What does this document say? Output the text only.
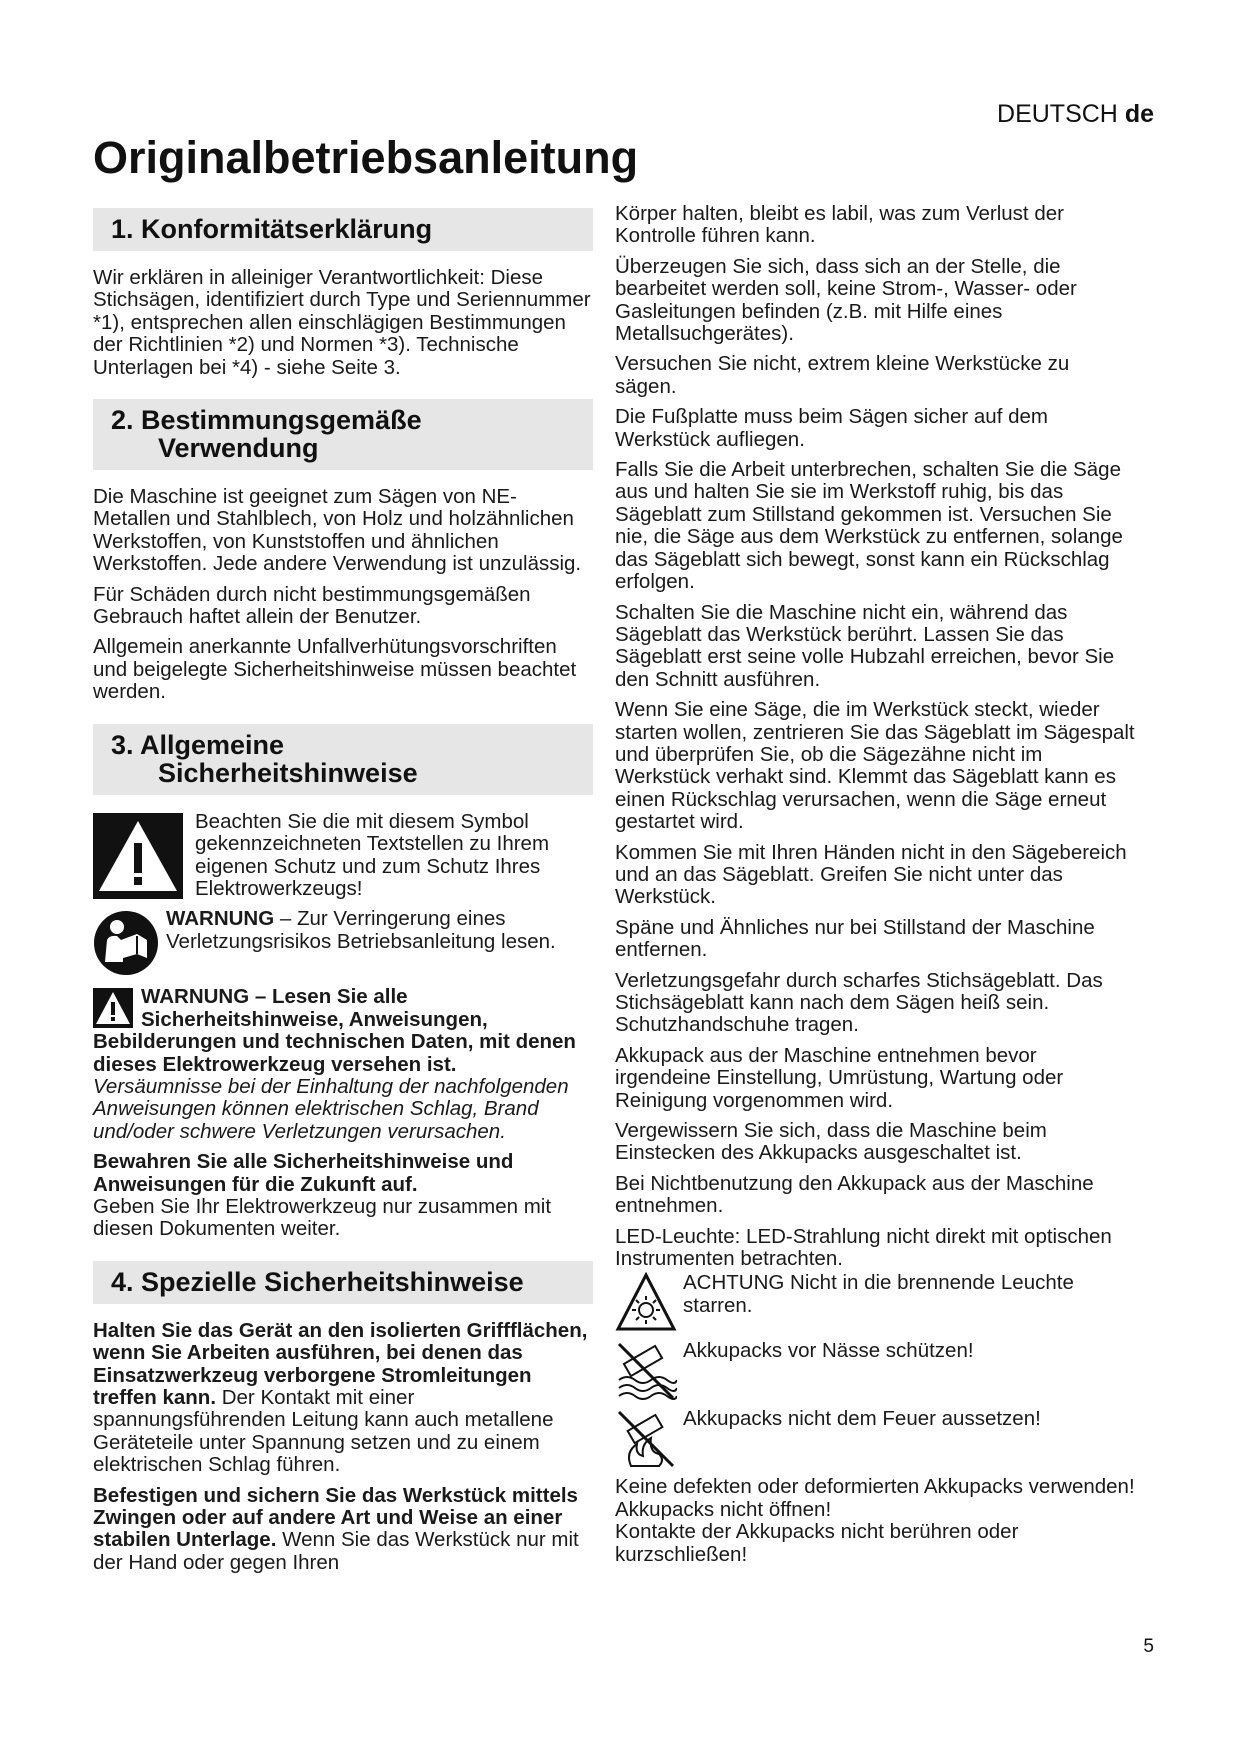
DEUTSCH de
Originalbetriebsanleitung
1. Konformitätserklärung

Wir erklären in alleiniger Verantwortlichkeit: Diese Stichsägen, identifiziert durch Type und Seriennummer *1), entsprechen allen einschlägigen Bestimmungen der Richtlinien *2) und Normen *3). Technische Unterlagen bei *4) - siehe Seite 3.

2. Bestimmungsgemäße
Verwendung

Die Maschine ist geeignet zum Sägen von NE-Metallen und Stahlblech, von Holz und holzähnlichen Werkstoffen, von Kunststoffen und ähnlichen Werkstoffen. Jede andere Verwendung ist unzulässig.

Für Schäden durch nicht bestimmungsgemäßen Gebrauch haftet allein der Benutzer.

Allgemein anerkannte Unfallverhütungsvorschriften und beigelegte Sicherheitshinweise müssen beachtet werden.

3. Allgemeine
Sicherheitshinweise
Beachten Sie die mit diesem Symbol gekennzeichneten Textstellen zu Ihrem eigenen Schutz und zum Schutz Ihres Elektrowerkzeugs!
WARNUNG – Zur Verringerung eines Verletzungsrisikos Betriebsanleitung lesen.

WARNUNG – Lesen Sie alle Sicherheitshinweise, Anweisungen, Bebilderungen und technischen Daten, mit denen dieses Elektrowerkzeug versehen ist.
Versäumnisse bei der Einhaltung der nachfolgenden Anweisungen können elektrischen Schlag, Brand und/oder schwere Verletzungen verursachen.

Bewahren Sie alle Sicherheitshinweise und Anweisungen für die Zukunft auf.
Geben Sie Ihr Elektrowerkzeug nur zusammen mit diesen Dokumenten weiter.

4. Spezielle Sicherheitshinweise

Halten Sie das Gerät an den isolierten Griffflächen, wenn Sie Arbeiten ausführen, bei denen das Einsatzwerkzeug verborgene Stromleitungen treffen kann. Der Kontakt mit einer spannungsführenden Leitung kann auch metallene Geräteteile unter Spannung setzen und zu einem elektrischen Schlag führen.

Befestigen und sichern Sie das Werkstück mittels Zwingen oder auf andere Art und Weise an einer stabilen Unterlage. Wenn Sie das Werkstück nur mit der Hand oder gegen Ihren

Körper halten, bleibt es labil, was zum Verlust der Kontrolle führen kann.

Überzeugen Sie sich, dass sich an der Stelle, die bearbeitet werden soll, keine Strom-, Wasser- oder Gasleitungen befinden (z.B. mit Hilfe eines Metallsuchgerätes).

Versuchen Sie nicht, extrem kleine Werkstücke zu sägen.

Die Fußplatte muss beim Sägen sicher auf dem Werkstück aufliegen.

Falls Sie die Arbeit unterbrechen, schalten Sie die Säge aus und halten Sie sie im Werkstoff ruhig, bis das Sägeblatt zum Stillstand gekommen ist. Versuchen Sie nie, die Säge aus dem Werkstück zu entfernen, solange das Sägeblatt sich bewegt, sonst kann ein Rückschlag erfolgen.

Schalten Sie die Maschine nicht ein, während das Sägeblatt das Werkstück berührt. Lassen Sie das Sägeblatt erst seine volle Hubzahl erreichen, bevor Sie den Schnitt ausführen.

Wenn Sie eine Säge, die im Werkstück steckt, wieder starten wollen, zentrieren Sie das Sägeblatt im Sägespalt und überprüfen Sie, ob die Sägezähne nicht im Werkstück verhakt sind. Klemmt das Sägeblatt kann es einen Rückschlag verursachen, wenn die Säge erneut gestartet wird.

Kommen Sie mit Ihren Händen nicht in den Sägebereich und an das Sägeblatt. Greifen Sie nicht unter das Werkstück.

Späne und Ähnliches nur bei Stillstand der Maschine entfernen.

Verletzungsgefahr durch scharfes Stichsägeblatt. Das Stichsägeblatt kann nach dem Sägen heiß sein. Schutzhandschuhe tragen.

Akkupack aus der Maschine entnehmen bevor irgendeine Einstellung, Umrüstung, Wartung oder Reinigung vorgenommen wird.

Vergewissern Sie sich, dass die Maschine beim Einstecken des Akkupacks ausgeschaltet ist.

Bei Nichtbenutzung den Akkupack aus der Maschine entnehmen.

LED-Leuchte: LED-Strahlung nicht direkt mit optischen Instrumenten betrachten.

ACHTUNG Nicht in die brennende Leuchte starren.
Akkupacks vor Nässe schützen!
Akkupacks nicht dem Feuer aussetzen!
Keine defekten oder deformierten Akkupacks verwenden!
Akkupacks nicht öffnen!
Kontakte der Akkupacks nicht berühren oder kurzschließen!
5
